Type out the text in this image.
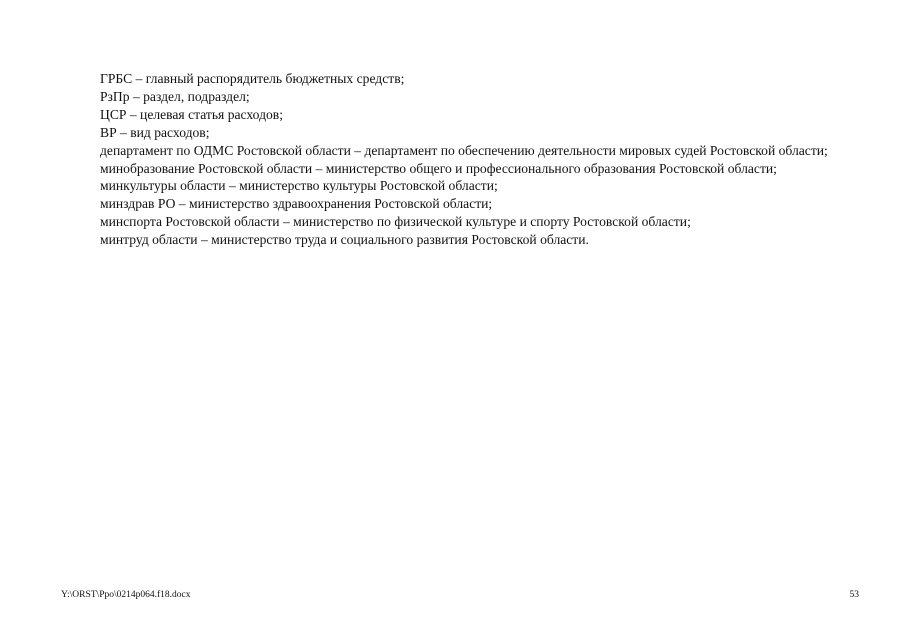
ГРБС – главный распорядитель бюджетных средств;

РзПр – раздел, подраздел;

ЦСР – целевая статья расходов;

ВР – вид расходов;

департамент по ОДМС Ростовской области – департамент по обеспечению деятельности мировых судей Ростовской области;

минобразование Ростовской области – министерство общего и профессионального образования Ростовской области;

минкультуры области – министерство культуры Ростовской области;

минздрав РО – министерство здравоохранения Ростовской области;

минспорта Ростовской области – министерство по физической культуре и спорту Ростовской области;

минтруд области – министерство труда и социального развития Ростовской области.

Y:\ORST\Ppo\0214p064.f18.docx	53
